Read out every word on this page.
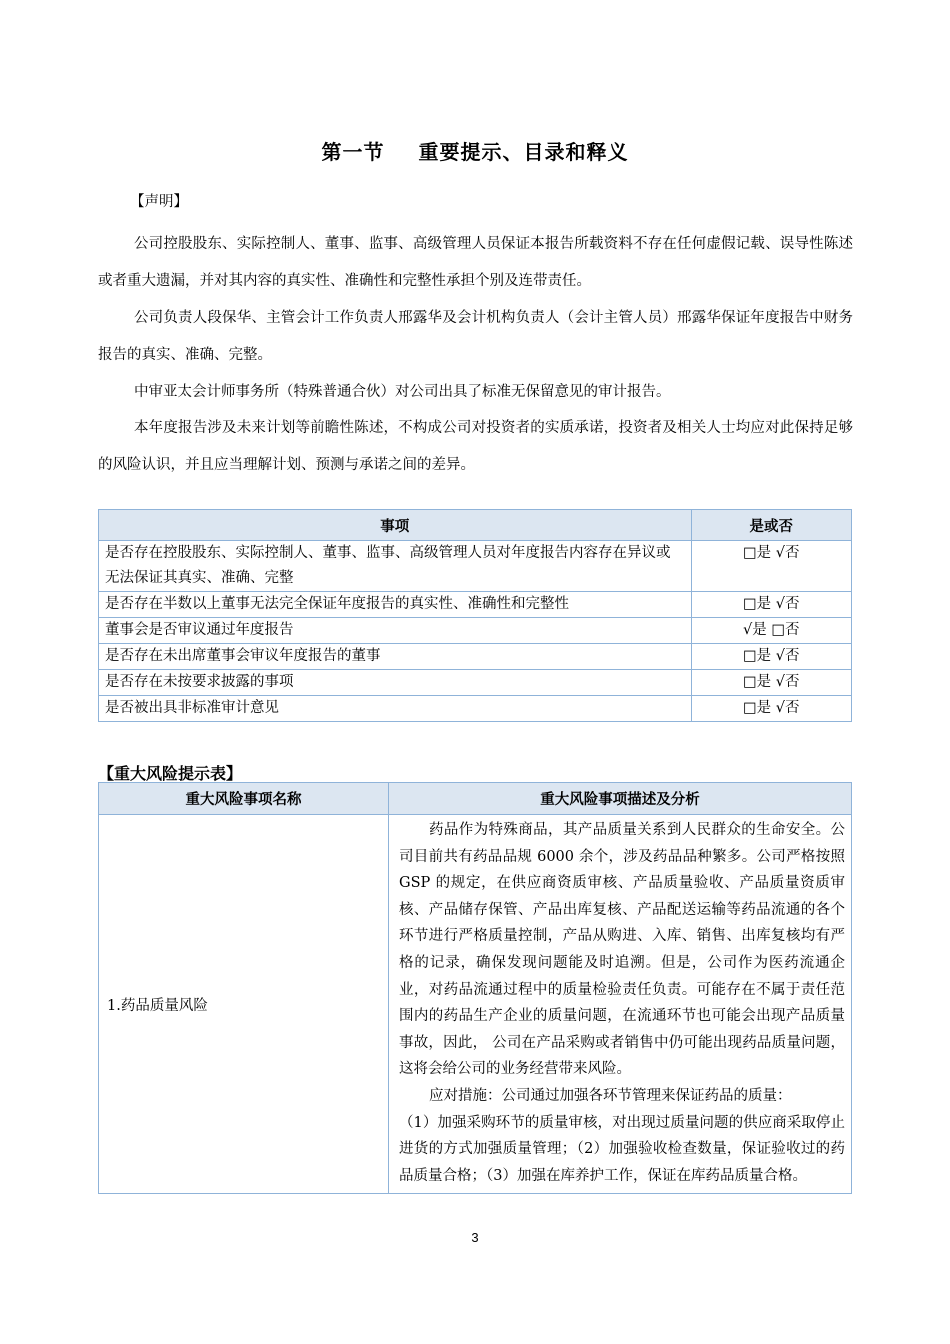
第一节 重要提示、目录和释义
【声明】

公司控股股东、实际控制人、董事、监事、高级管理人员保证本报告所载资料不存在任何虚假记载、误导性陈述或者重大遗漏，并对其内容的真实性、准确性和完整性承担个别及连带责任。

公司负责人段保华、主管会计工作负责人邢露华及会计机构负责人（会计主管人员）邢露华保证年度报告中财务报告的真实、准确、完整。

中审亚太会计师事务所（特殊普通合伙）对公司出具了标准无保留意见的审计报告。

本年度报告涉及未来计划等前瞻性陈述，不构成公司对投资者的实质承诺，投资者及相关人士均应对此保持足够的风险认识，并且应当理解计划、预测与承诺之间的差异。

事项	是或否
是否存在控股股东、实际控制人、董事、监事、高级管理人员对年度报告内容存在异议或无法保证其真实、准确、完整	□是 √否
是否存在半数以上董事无法完全保证年度报告的真实性、准确性和完整性	□是 √否
董事会是否审议通过年度报告	√是 □否
是否存在未出席董事会审议年度报告的董事	□是 √否
是否存在未按要求披露的事项	□是 √否
是否被出具非标准审计意见	□是 √否
【重大风险提示表】
重大风险事项名称	重大风险事项描述及分析
1.药品质量风险	药品作为特殊商品，其产品质量关系到人民群众的生命安全。公司目前共有药品品规 6000 余个，涉及药品品种繁多。公司严格按照 GSP 的规定，在供应商资质审核、产品质量验收、产品质量资质审核、产品储存保管、产品出库复核、产品配送运输等药品流通的各个环节进行严格质量控制，产品从购进、入库、销售、出库复核均有严格的记录，确保发现问题能及时追溯。但是，公司作为医药流通企业，对药品流通过程中的质量检验责任负责。可能存在不属于责任范围内的药品生产企业的质量问题，在流通环节也可能会出现产品质量事故，因此， 公司在产品采购或者销售中仍可能出现药品质量问题，这将会给公司的业务经营带来风险。

应对措施：公司通过加强各环节管理来保证药品的质量：

（1）加强采购环节的质量审核，对出现过质量问题的供应商采取停止进货的方式加强质量管理；（2）加强验收检查数量，保证验收过的药品质量合格；（3）加强在库养护工作，保证在库药品质量合格。

3
